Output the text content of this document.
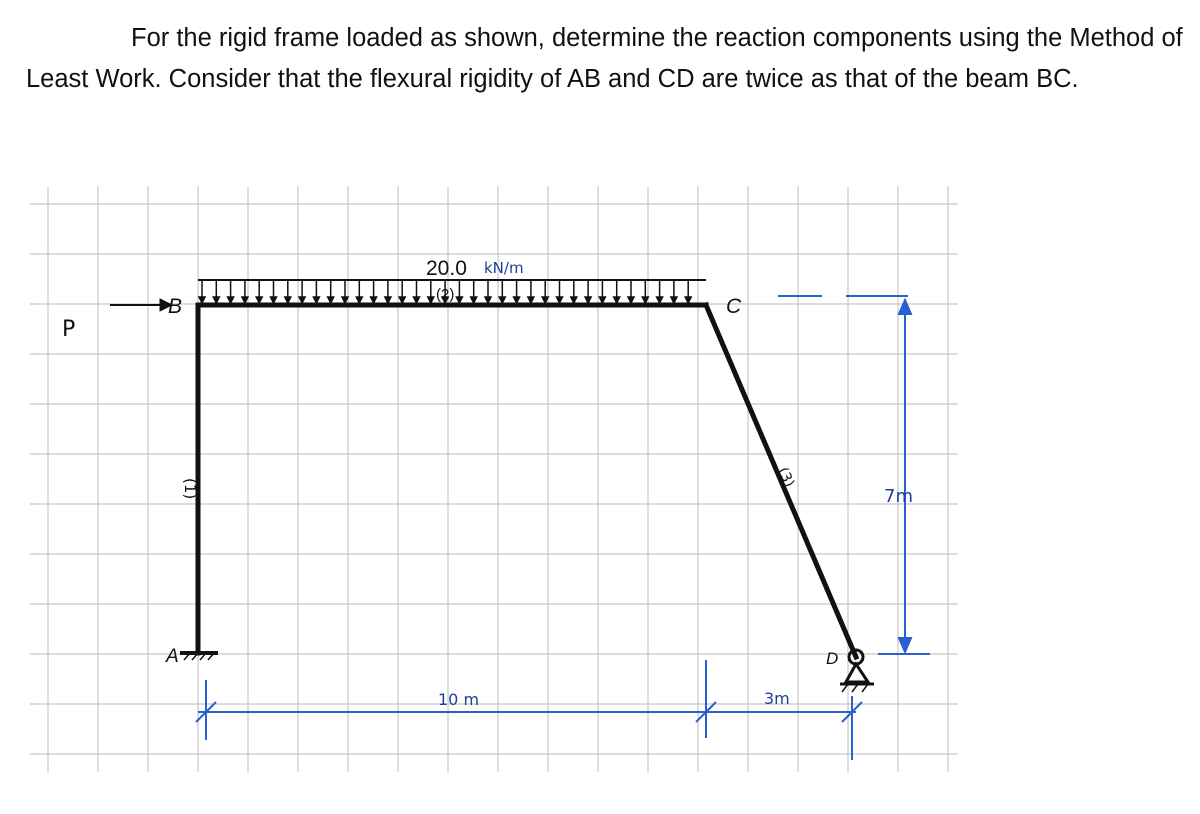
For the rigid frame loaded as shown, determine the reaction components using the Method of Least Work. Consider that the flexural rigidity of AB and CD are twice as that of the beam BC.

20.0 kN/m
(2)
B	C
A	D
P
(1)	(3)
10 m	3m
7m
